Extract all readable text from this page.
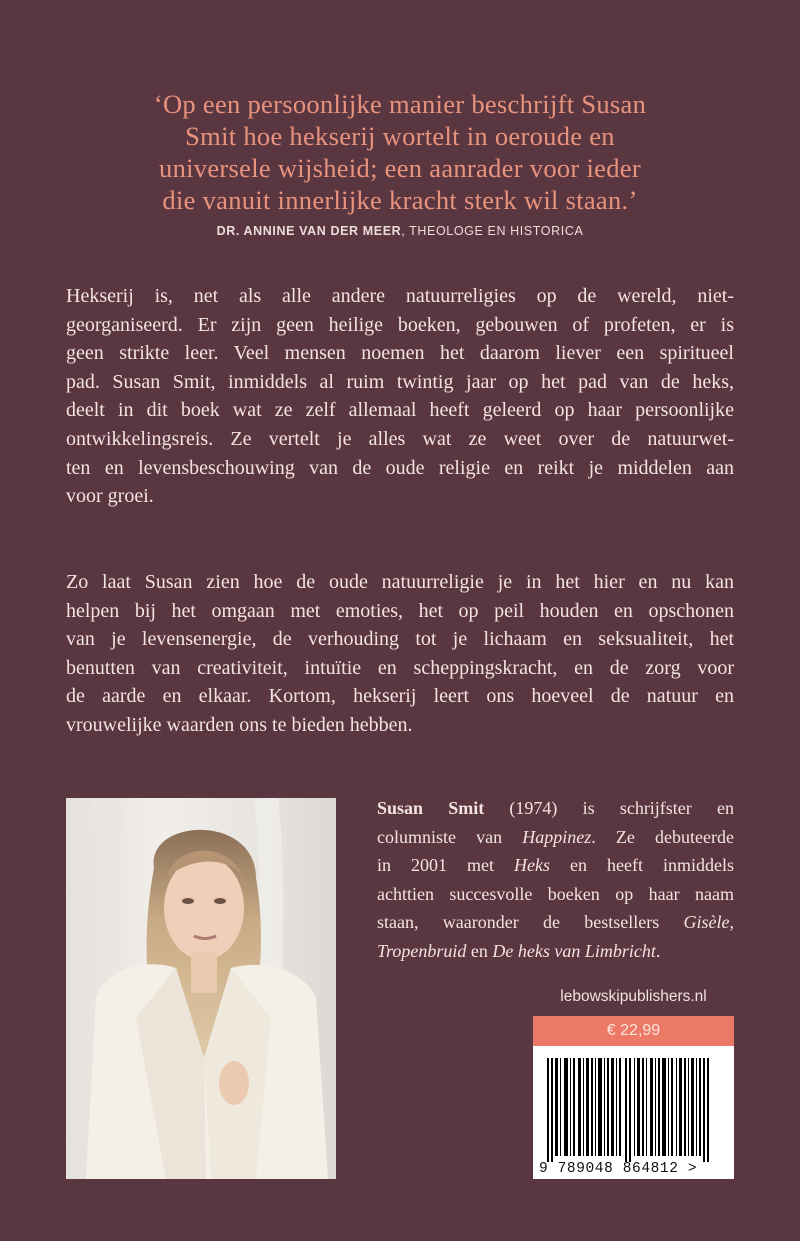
‘Op een persoonlijke manier beschrijft Susan
Smit hoe hekserij wortelt in oeroude en
universele wijsheid; een aanrader voor ieder
die vanuit innerlijke kracht sterk wil staan.’
DR. ANNINE VAN DER MEER, THEOLOGE EN HISTORICA
Hekserij is, net als alle andere natuurreligies op de wereld, niet-
georganiseerd. Er zijn geen heilige boeken, gebouwen of profeten, er is
geen strikte leer. Veel mensen noemen het daarom liever een spiritueel
pad. Susan Smit, inmiddels al ruim twintig jaar op het pad van de heks,
deelt in dit boek wat ze zelf allemaal heeft geleerd op haar persoonlijke
ontwikkelingsreis. Ze vertelt je alles wat ze weet over de natuurwet-
ten en levensbeschouwing van de oude religie en reikt je middelen aan
voor groei.
Zo laat Susan zien hoe de oude natuurreligie je in het hier en nu kan
helpen bij het omgaan met emoties, het op peil houden en opschonen
van je levensenergie, de verhouding tot je lichaam en seksualiteit, het
benutten van creativiteit, intuïtie en scheppingskracht, en de zorg voor
de aarde en elkaar. Kortom, hekserij leert ons hoeveel de natuur en
vrouwelijke waarden ons te bieden hebben.
Susan Smit (1974) is schrijfster en
columniste van Happinez. Ze debuteerde
in 2001 met Heks en heeft inmiddels
achttien succesvolle boeken op haar naam
staan, waaronder de bestsellers Gisèle,
Tropenbruid en De heks van Limbricht.
lebowskipublishers.nl
€ 22,99
9 789048 864812 >
